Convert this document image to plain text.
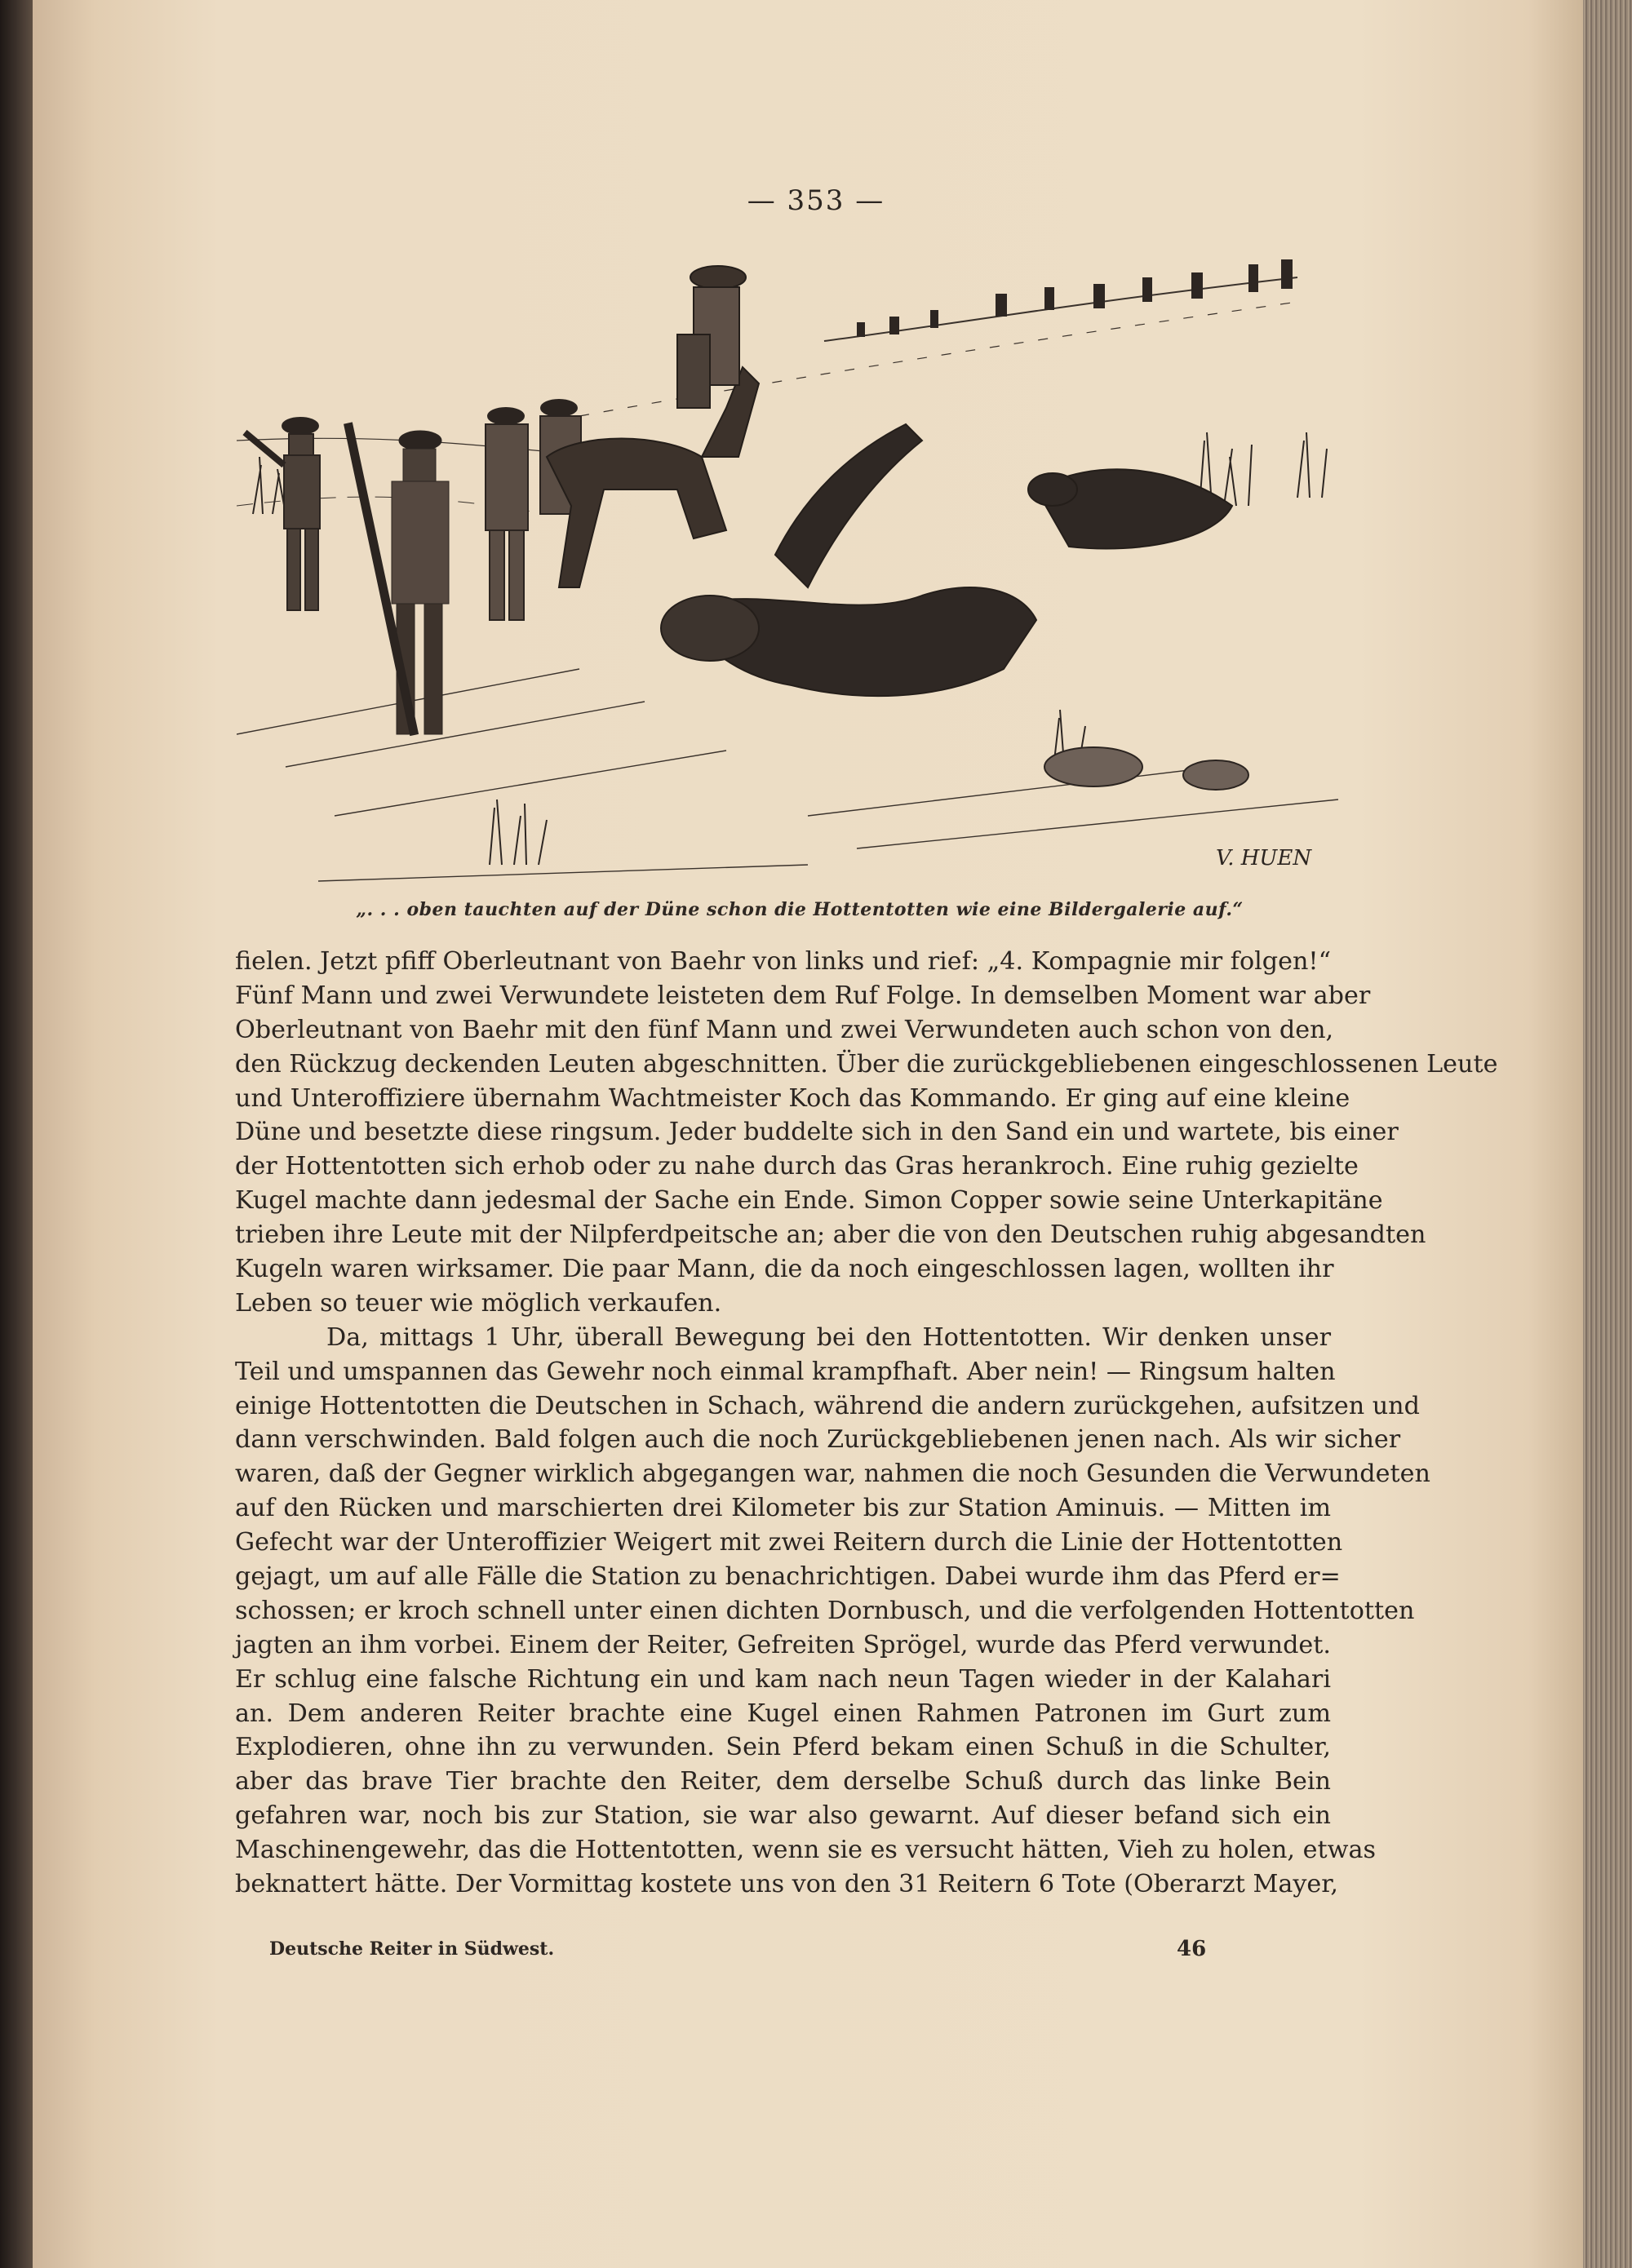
— 353 —
V. HUEN
„. . . oben tauchten auf der Düne schon die Hottentotten wie eine Bildergalerie auf.“
fielen. Jetzt pfiff Oberleutnant von Baehr von links und rief: „4. Kompagnie mir folgen!“
Fünf Mann und zwei Verwundete leisteten dem Ruf Folge. In demselben Moment war aber
Oberleutnant von Baehr mit den fünf Mann und zwei Verwundeten auch schon von den,
den Rückzug deckenden Leuten abgeschnitten. Über die zurückgebliebenen eingeschlossenen Leute
und Unteroffiziere übernahm Wachtmeister Koch das Kommando. Er ging auf eine kleine
Düne und besetzte diese ringsum. Jeder buddelte sich in den Sand ein und wartete, bis einer
der Hottentotten sich erhob oder zu nahe durch das Gras herankroch. Eine ruhig gezielte
Kugel machte dann jedesmal der Sache ein Ende. Simon Copper sowie seine Unterkapitäne
trieben ihre Leute mit der Nilpferdpeitsche an; aber die von den Deutschen ruhig abgesandten
Kugeln waren wirksamer. Die paar Mann, die da noch eingeschlossen lagen, wollten ihr
Leben so teuer wie möglich verkaufen.
Da, mittags 1 Uhr, überall Bewegung bei den Hottentotten. Wir denken unser
Teil und umspannen das Gewehr noch einmal krampfhaft. Aber nein! — Ringsum halten
einige Hottentotten die Deutschen in Schach, während die andern zurückgehen, aufsitzen und
dann verschwinden. Bald folgen auch die noch Zurückgebliebenen jenen nach. Als wir sicher
waren, daß der Gegner wirklich abgegangen war, nahmen die noch Gesunden die Verwundeten
auf den Rücken und marschierten drei Kilometer bis zur Station Aminuis. — Mitten im
Gefecht war der Unteroffizier Weigert mit zwei Reitern durch die Linie der Hottentotten
gejagt, um auf alle Fälle die Station zu benachrichtigen. Dabei wurde ihm das Pferd er=
schossen; er kroch schnell unter einen dichten Dornbusch, und die verfolgenden Hottentotten
jagten an ihm vorbei. Einem der Reiter, Gefreiten Sprögel, wurde das Pferd verwundet.
Er schlug eine falsche Richtung ein und kam nach neun Tagen wieder in der Kalahari
an. Dem anderen Reiter brachte eine Kugel einen Rahmen Patronen im Gurt zum
Explodieren, ohne ihn zu verwunden. Sein Pferd bekam einen Schuß in die Schulter,
aber das brave Tier brachte den Reiter, dem derselbe Schuß durch das linke Bein
gefahren war, noch bis zur Station, sie war also gewarnt. Auf dieser befand sich ein
Maschinengewehr, das die Hottentotten, wenn sie es versucht hätten, Vieh zu holen, etwas
beknattert hätte. Der Vormittag kostete uns von den 31 Reitern 6 Tote (Oberarzt Mayer,
Deutsche Reiter in Südwest.	46
